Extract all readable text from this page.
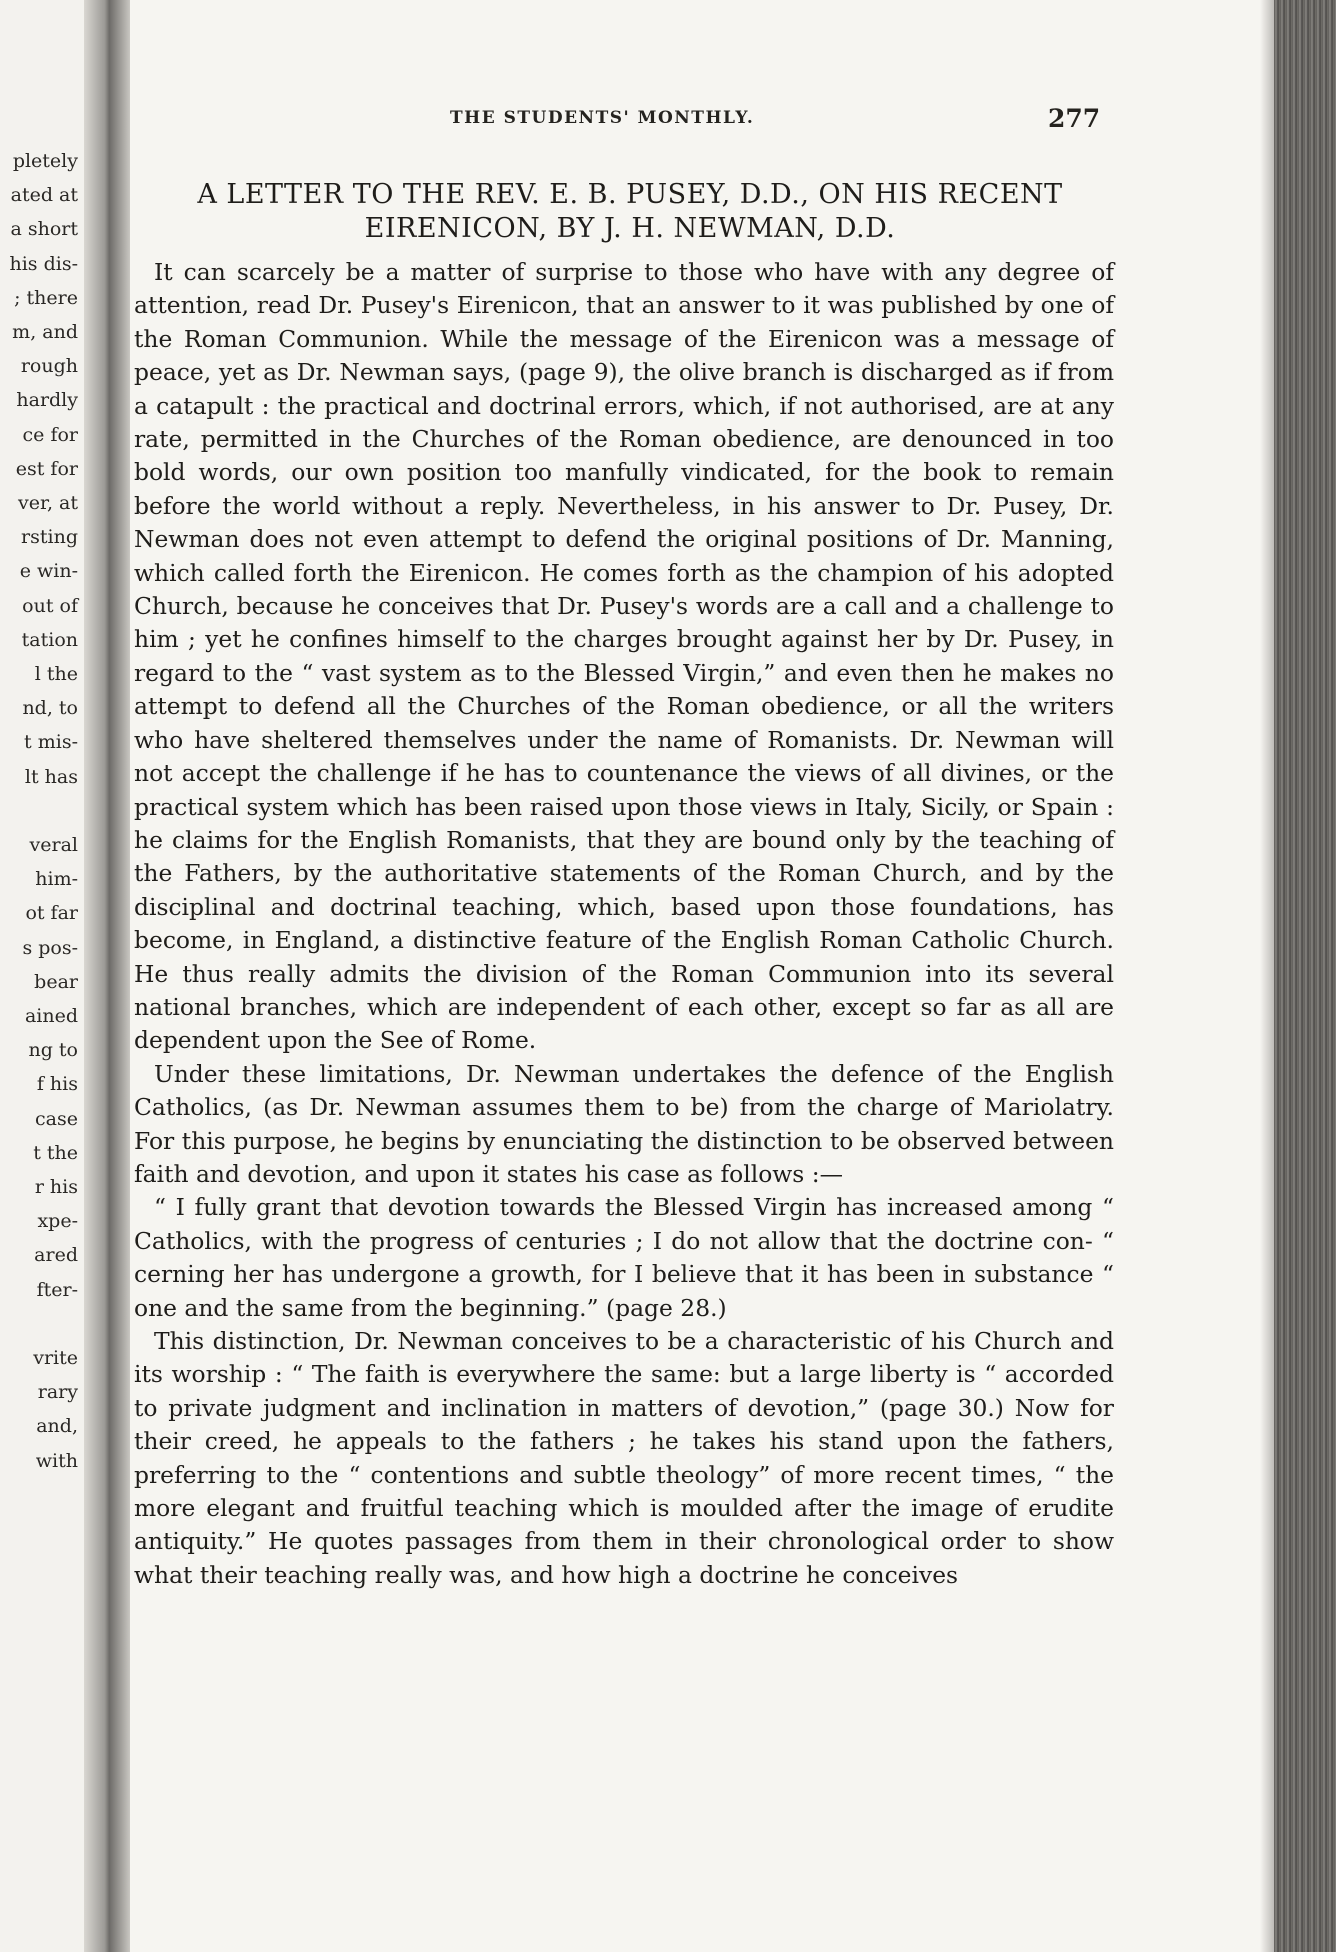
pletely
ated at
a short
his dis-
; there
m, and
rough
hardly
ce for
est for
ver, at
rsting
e win-
out of
tation
l the
nd, to
t mis-
lt has
veral
him-
ot far
s pos-
bear
ained
ng to
f his
case
t the
r his
xpe-
ared
fter-
vrite
rary
and,
with
THE STUDENTS' MONTHLY.	277
A LETTER TO THE REV. E. B. PUSEY, D.D., ON HIS RECENT
EIRENICON, BY J. H. NEWMAN, D.D.

It can scarcely be a matter of surprise to those who have with any degree of attention, read Dr. Pusey's Eirenicon, that an answer to it was published by one of the Roman Communion. While the message of the Eirenicon was a message of peace, yet as Dr. Newman says, (page 9), the olive branch is discharged as if from a catapult : the practical and doctrinal errors, which, if not authorised, are at any rate, permitted in the Churches of the Roman obedience, are denounced in too bold words, our own position too manfully vindicated, for the book to remain before the world without a reply. Nevertheless, in his answer to Dr. Pusey, Dr. Newman does not even attempt to defend the original positions of Dr. Manning, which called forth the Eirenicon. He comes forth as the champion of his adopted Church, because he conceives that Dr. Pusey's words are a call and a challenge to him ; yet he confines himself to the charges brought against her by Dr. Pusey, in regard to the “ vast system as to the Blessed Virgin,” and even then he makes no attempt to defend all the Churches of the Roman obedience, or all the writers who have sheltered themselves under the name of Romanists. Dr. Newman will not accept the challenge if he has to countenance the views of all divines, or the practical system which has been raised upon those views in Italy, Sicily, or Spain : he claims for the English Romanists, that they are bound only by the teaching of the Fathers, by the authoritative statements of the Roman Church, and by the disciplinal and doctrinal teaching, which, based upon those foundations, has become, in England, a distinctive feature of the English Roman Catholic Church. He thus really admits the division of the Roman Communion into its several national branches, which are independent of each other, except so far as all are dependent upon the See of Rome.

Under these limitations, Dr. Newman undertakes the defence of the English Catholics, (as Dr. Newman assumes them to be) from the charge of Mariolatry. For this purpose, he begins by enunciating the distinction to be observed between faith and devotion, and upon it states his case as follows :—

“ I fully grant that devotion towards the Blessed Virgin has increased among “ Catholics, with the progress of centuries ; I do not allow that the doctrine con- “ cerning her has undergone a growth, for I believe that it has been in substance “ one and the same from the beginning.” (page 28.)

This distinction, Dr. Newman conceives to be a characteristic of his Church and its worship : “ The faith is everywhere the same: but a large liberty is “ accorded to private judgment and inclination in matters of devotion,” (page 30.) Now for their creed, he appeals to the fathers ; he takes his stand upon the fathers, preferring to the “ contentions and subtle theology” of more recent times, “ the more elegant and fruitful teaching which is moulded after the image of erudite antiquity.” He quotes passages from them in their chronological order to show what their teaching really was, and how high a doctrine he conceives
